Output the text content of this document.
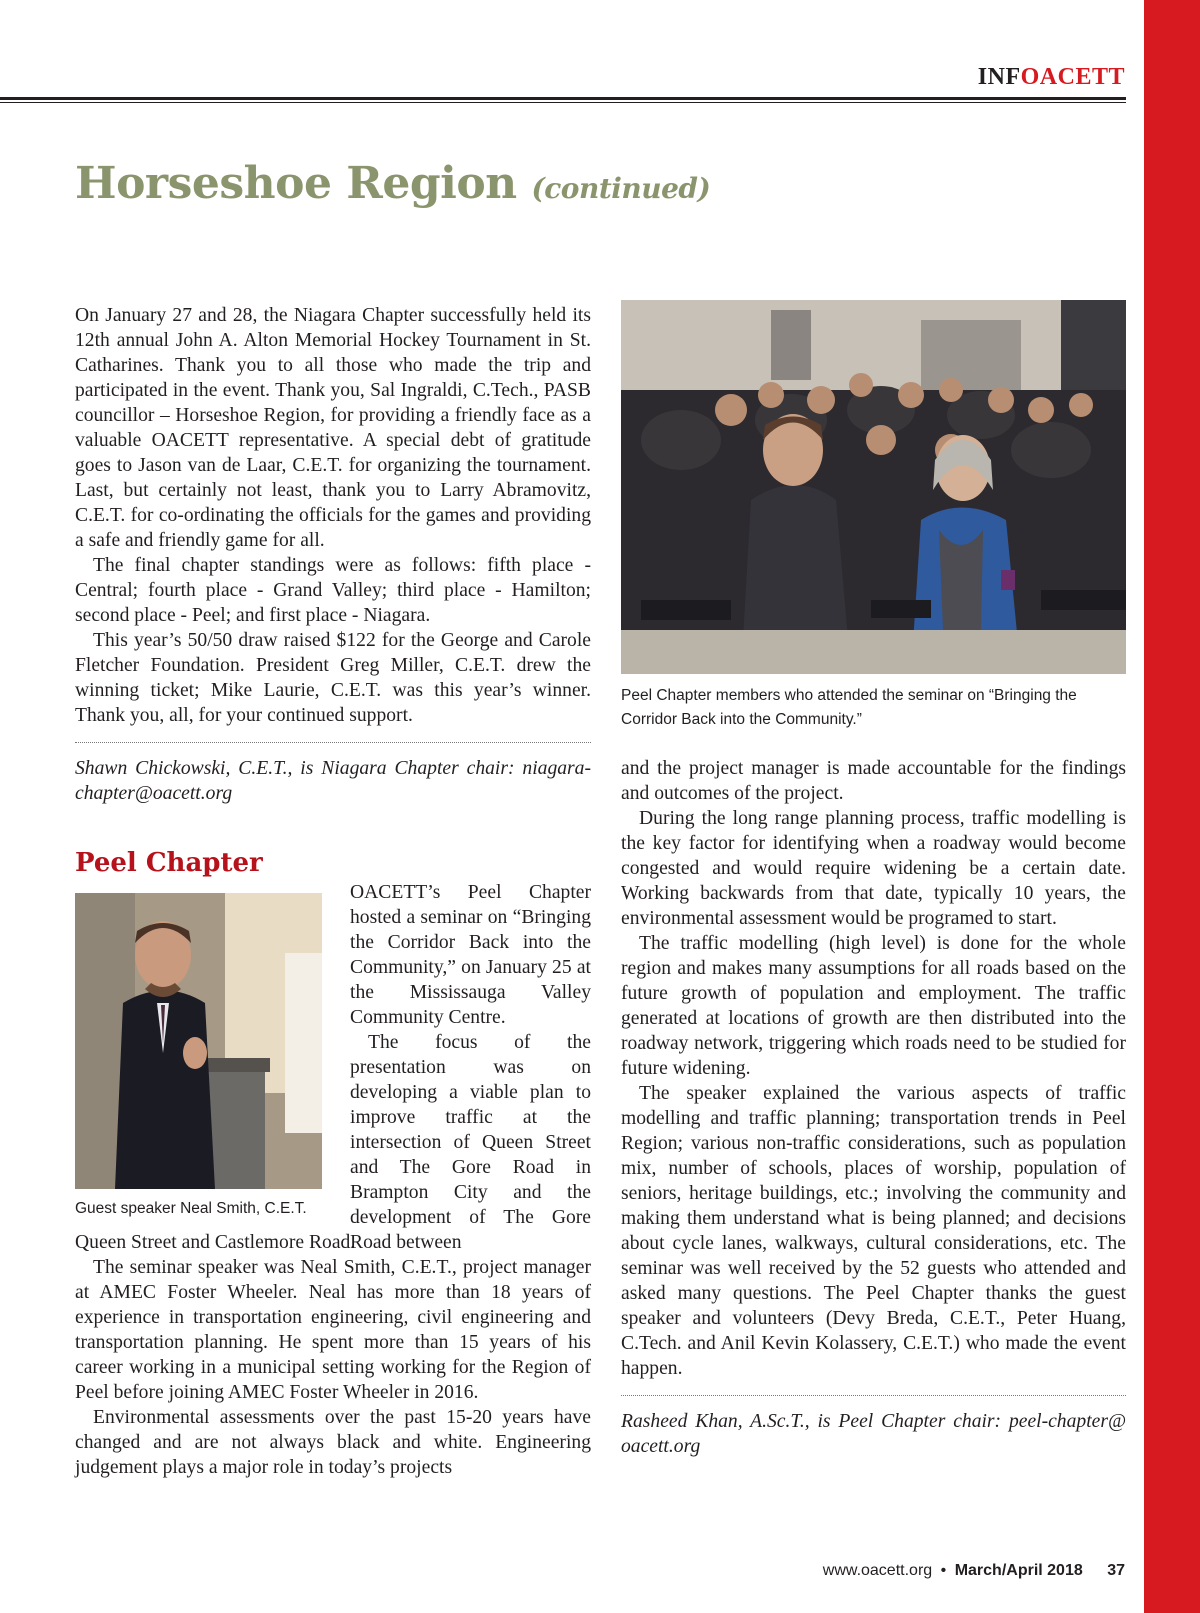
INFOACETT
Horseshoe Region (continued)

On January 27 and 28, the Niagara Chapter successfully held its 12th annual John A. Alton Memorial Hockey Tournament in St. Catharines. Thank you to all those who made the trip and participated in the event. Thank you, Sal Ingraldi, C.Tech., PASB councillor – Horseshoe Region, for providing a friendly face as a valuable OACETT representative. A special debt of gratitude goes to Jason van de Laar, C.E.T. for organizing the tournament. Last, but certainly not least, thank you to Larry Abramovitz, C.E.T. for co-ordinating the officials for the games and providing a safe and friendly game for all.

The final chapter standings were as follows: fifth place - Central; fourth place - Grand Valley; third place - Hamilton; second place - Peel; and first place - Niagara.

This year’s 50/50 draw raised $122 for the George and Carole Fletcher Foundation. President Greg Miller, C.E.T. drew the winning ticket; Mike Laurie, C.E.T. was this year’s winner. Thank you, all, for your continued support.

Shawn Chickowski, C.E.T., is Niagara Chapter chair: niagara-chapter@oacett.org

Peel Chapter
Guest speaker Neal Smith, C.E.T.

OACETT’s Peel Chapter hosted a seminar on “Bringing the Corridor Back into the Community,” on January 25 at the Mississauga Valley Community Centre.

The focus of the presentation was on developing a viable plan to improve traffic at the intersection of Queen Street and The Gore Road in Brampton City and the development of The Gore Road between

Queen Street and Castlemore Road.

The seminar speaker was Neal Smith, C.E.T., project manager at AMEC Foster Wheeler. Neal has more than 18 years of experience in transportation engineering, civil engineering and transportation planning. He spent more than 15 years of his career working in a municipal setting working for the Region of Peel before joining AMEC Foster Wheeler in 2016.

Environmental assessments over the past 15-20 years have changed and are not always black and white. Engineering judgement plays a major role in today’s projects

Peel Chapter members who attended the seminar on “Bringing the Corridor Back into the Community.”

and the project manager is made accountable for the findings and outcomes of the project.

During the long range planning process, traffic modelling is the key factor for identifying when a roadway would become congested and would require widening be a certain date. Working backwards from that date, typically 10 years, the environmental assessment would be programed to start.

The traffic modelling (high level) is done for the whole region and makes many assumptions for all roads based on the future growth of population and employment. The traffic generated at locations of growth are then distributed into the roadway network, triggering which roads need to be studied for future widening.

The speaker explained the various aspects of traffic modelling and traffic planning; transportation trends in Peel Region; various non-traffic considerations, such as population mix, number of schools, places of worship, population of seniors, heritage buildings, etc.; involving the community and making them understand what is being planned; and decisions about cycle lanes, walkways, cultural considerations, etc. The seminar was well received by the 52 guests who attended and asked many questions. The Peel Chapter thanks the guest speaker and volunteers (Devy Breda, C.E.T., Peter Huang, C.Tech. and Anil Kevin Kolassery, C.E.T.) who made the event happen.

Rasheed Khan, A.Sc.T., is Peel Chapter chair: peel-chapter@ oacett.org

www.oacett.org • March/April 2018 37
